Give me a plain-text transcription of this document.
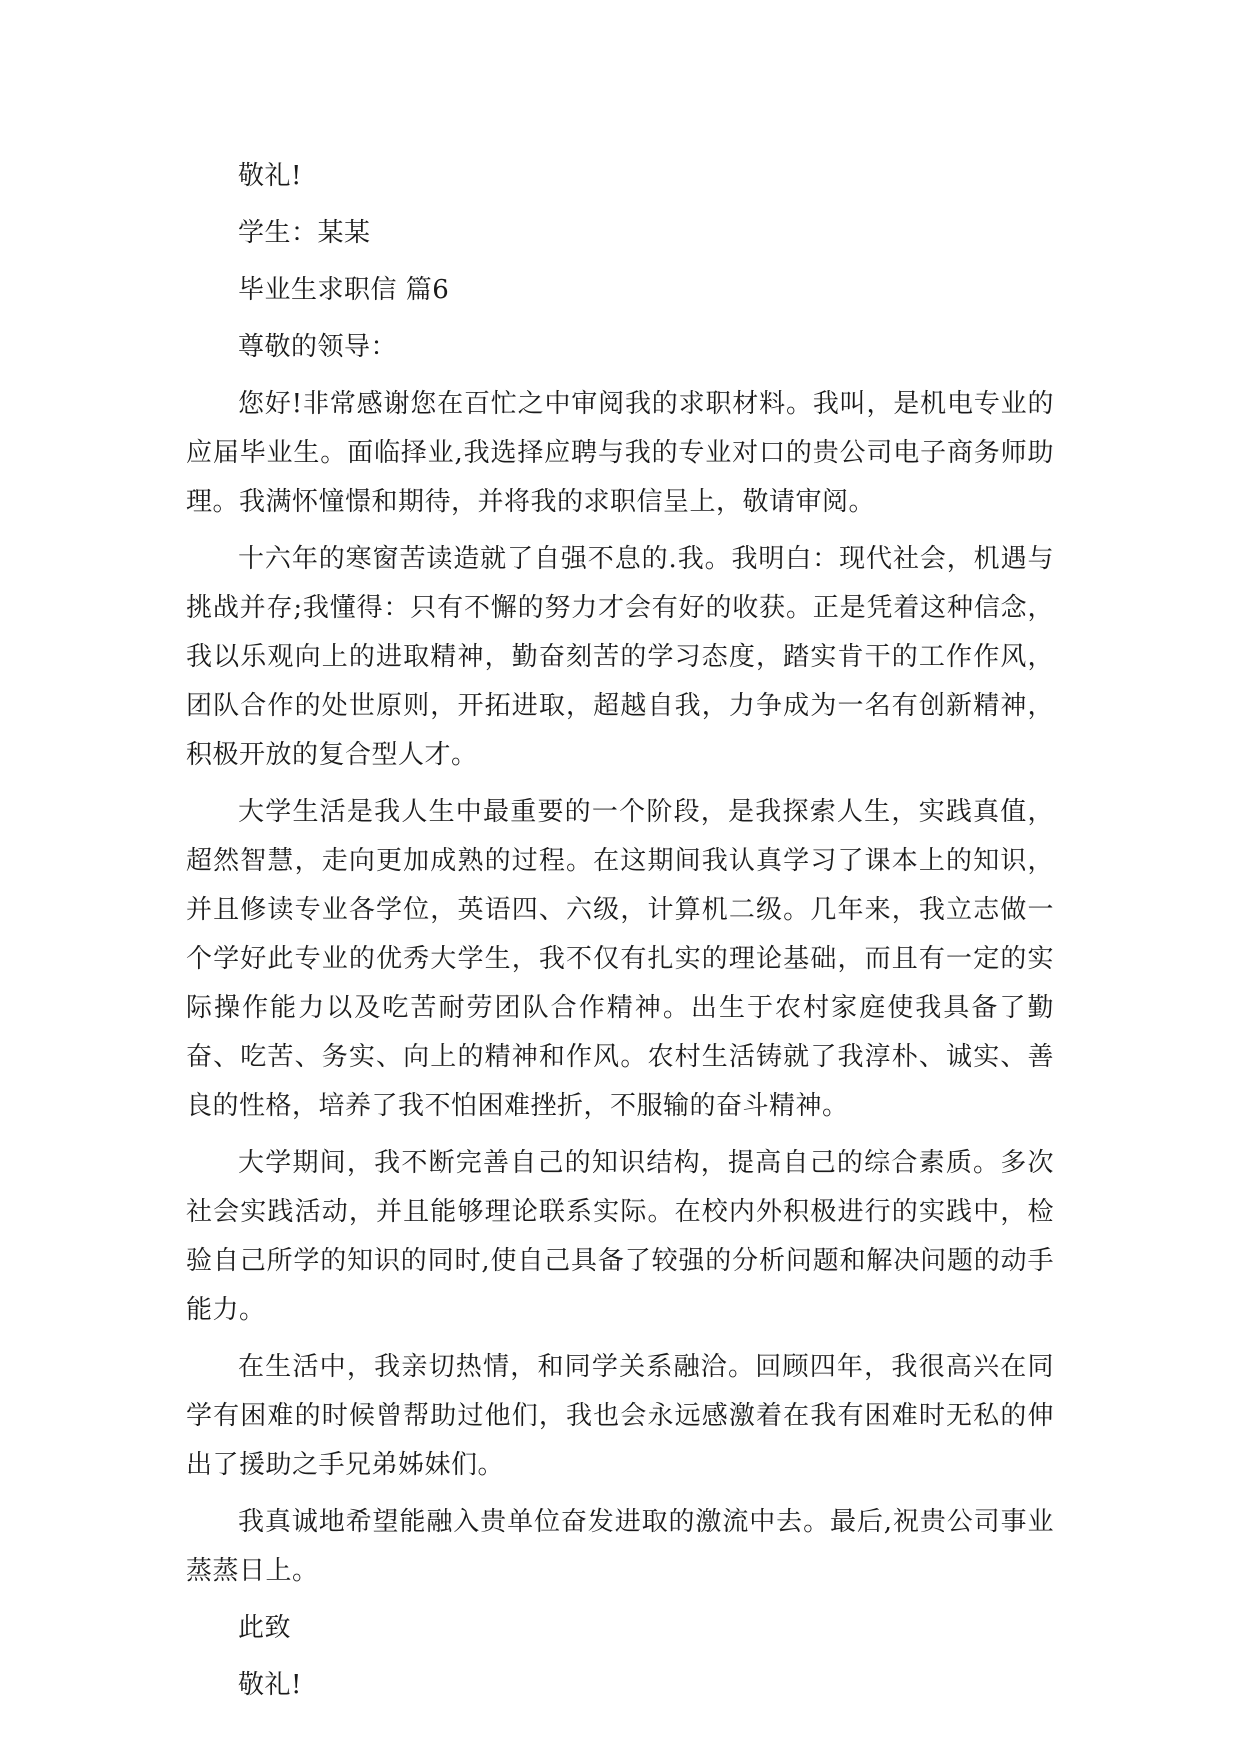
敬礼!

学生：某某

毕业生求职信 篇6

尊敬的领导：

您好!非常感谢您在百忙之中审阅我的求职材料。我叫，是机电专业的应届毕业生。面临择业,我选择应聘与我的专业对口的贵公司电子商务师助理。我满怀憧憬和期待，并将我的求职信呈上，敬请审阅。

十六年的寒窗苦读造就了自强不息的.我。我明白：现代社会，机遇与挑战并存;我懂得：只有不懈的努力才会有好的收获。正是凭着这种信念，我以乐观向上的进取精神，勤奋刻苦的学习态度，踏实肯干的工作作风，团队合作的处世原则，开拓进取，超越自我，力争成为一名有创新精神，积极开放的复合型人才。

大学生活是我人生中最重要的一个阶段，是我探索人生，实践真值，超然智慧，走向更加成熟的过程。在这期间我认真学习了课本上的知识，并且修读专业各学位，英语四、六级，计算机二级。几年来，我立志做一个学好此专业的优秀大学生，我不仅有扎实的理论基础，而且有一定的实际操作能力以及吃苦耐劳团队合作精神。出生于农村家庭使我具备了勤奋、吃苦、务实、向上的精神和作风。农村生活铸就了我淳朴、诚实、善良的性格，培养了我不怕困难挫折，不服输的奋斗精神。

大学期间，我不断完善自己的知识结构，提高自己的综合素质。多次社会实践活动，并且能够理论联系实际。在校内外积极进行的实践中，检验自己所学的知识的同时,使自己具备了较强的分析问题和解决问题的动手能力。

在生活中，我亲切热情，和同学关系融洽。回顾四年，我很高兴在同学有困难的时候曾帮助过他们，我也会永远感激着在我有困难时无私的伸出了援助之手兄弟姊妹们。

我真诚地希望能融入贵单位奋发进取的激流中去。最后,祝贵公司事业蒸蒸日上。

此致

敬礼!
